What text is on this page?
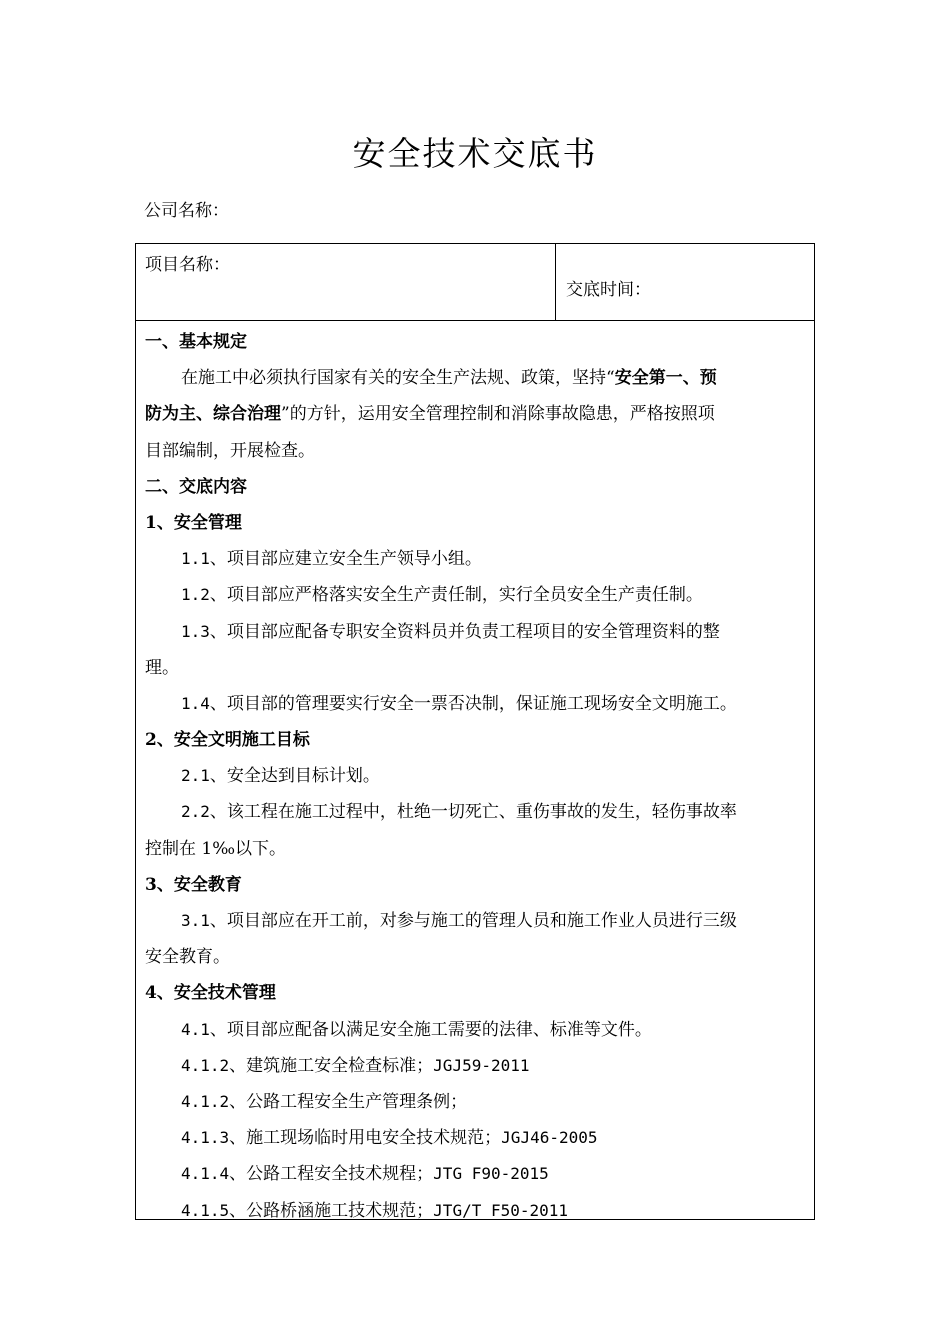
安全技术交底书
公司名称：
项目名称：
交底时间：
一、基本规定
在施工中必须执行国家有关的安全生产法规、政策，坚持“安全第一、预
防为主、综合治理”的方针，运用安全管理控制和消除事故隐患，严格按照项
目部编制，开展检查。
二、交底内容
1、安全管理
1.1、项目部应建立安全生产领导小组。
1.2、项目部应严格落实安全生产责任制，实行全员安全生产责任制。
1.3、项目部应配备专职安全资料员并负责工程项目的安全管理资料的整
理。
1.4、项目部的管理要实行安全一票否决制，保证施工现场安全文明施工。
2、安全文明施工目标
2.1、安全达到目标计划。
2.2、该工程在施工过程中，杜绝一切死亡、重伤事故的发生，轻伤事故率
控制在 1‰以下。
3、安全教育
3.1、项目部应在开工前，对参与施工的管理人员和施工作业人员进行三级
安全教育。
4、安全技术管理
4.1、项目部应配备以满足安全施工需要的法律、标准等文件。
4.1.2、建筑施工安全检查标准；JGJ59-2011
4.1.2、公路工程安全生产管理条例；
4.1.3、施工现场临时用电安全技术规范；JGJ46-2005
4.1.4、公路工程安全技术规程；JTG F90-2015
4.1.5、公路桥涵施工技术规范；JTG/T F50-2011
